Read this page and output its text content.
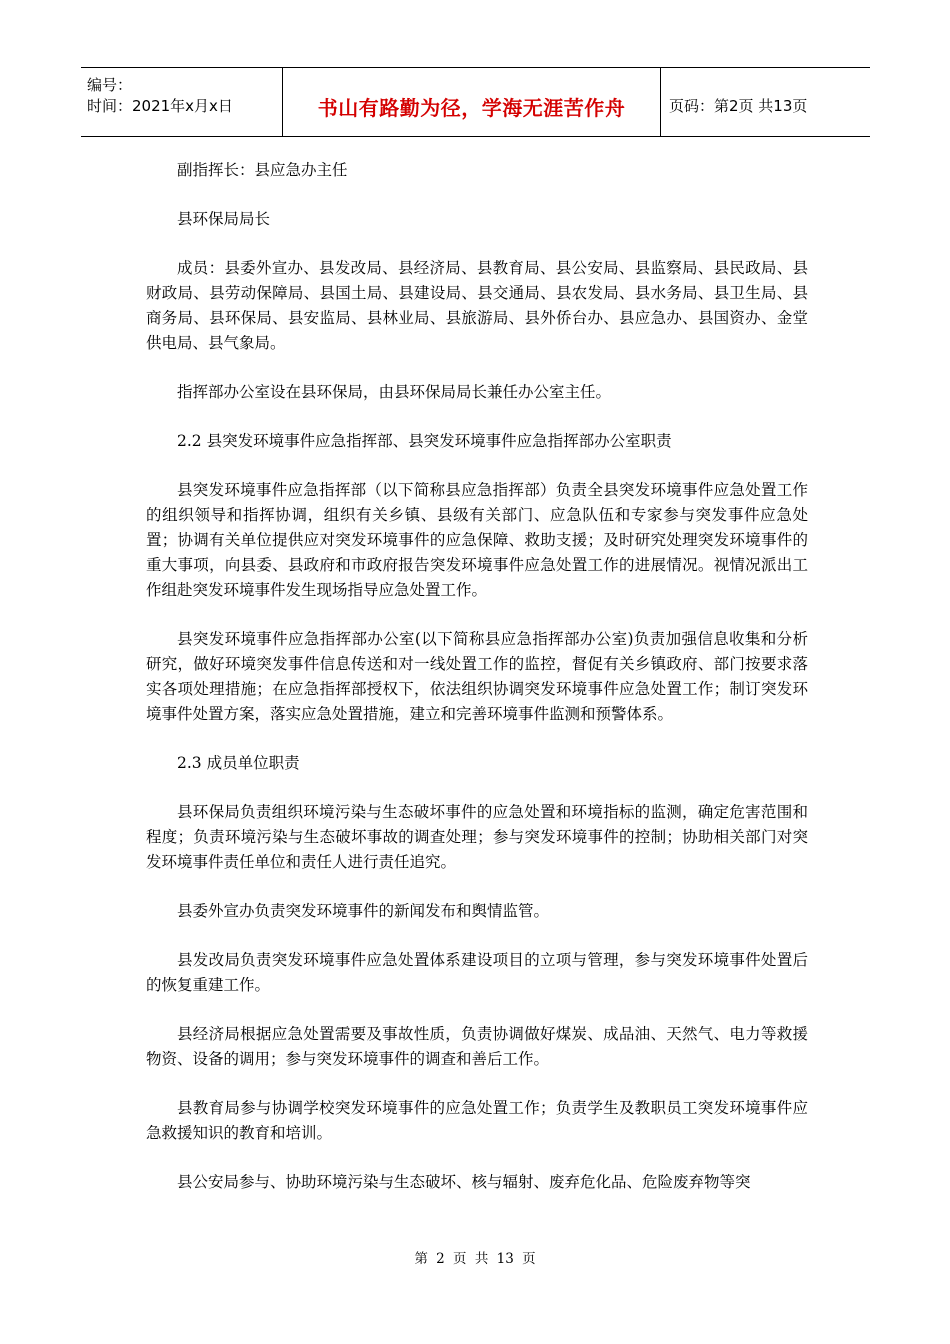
编号：
时间：2021年x月x日	书山有路勤为径，学海无涯苦作舟	页码：第2页 共13页

副指挥长：县应急办主任

县环保局局长

成员：县委外宣办、县发改局、县经济局、县教育局、县公安局、县监察局、县民政局、县财政局、县劳动保障局、县国土局、县建设局、县交通局、县农发局、县水务局、县卫生局、县商务局、县环保局、县安监局、县林业局、县旅游局、县外侨台办、县应急办、县国资办、金堂供电局、县气象局。

指挥部办公室设在县环保局，由县环保局局长兼任办公室主任。

2.2 县突发环境事件应急指挥部、县突发环境事件应急指挥部办公室职责

县突发环境事件应急指挥部（以下简称县应急指挥部）负责全县突发环境事件应急处置工作的组织领导和指挥协调，组织有关乡镇、县级有关部门、应急队伍和专家参与突发事件应急处置；协调有关单位提供应对突发环境事件的应急保障、救助支援；及时研究处理突发环境事件的重大事项，向县委、县政府和市政府报告突发环境事件应急处置工作的进展情况。视情况派出工作组赴突发环境事件发生现场指导应急处置工作。

县突发环境事件应急指挥部办公室(以下简称县应急指挥部办公室)负责加强信息收集和分析研究，做好环境突发事件信息传送和对一线处置工作的监控，督促有关乡镇政府、部门按要求落实各项处理措施；在应急指挥部授权下，依法组织协调突发环境事件应急处置工作；制订突发环境事件处置方案，落实应急处置措施，建立和完善环境事件监测和预警体系。

2.3 成员单位职责

县环保局负责组织环境污染与生态破坏事件的应急处置和环境指标的监测，确定危害范围和程度；负责环境污染与生态破坏事故的调查处理；参与突发环境事件的控制；协助相关部门对突发环境事件责任单位和责任人进行责任追究。

县委外宣办负责突发环境事件的新闻发布和舆情监管。

县发改局负责突发环境事件应急处置体系建设项目的立项与管理，参与突发环境事件处置后的恢复重建工作。

县经济局根据应急处置需要及事故性质，负责协调做好煤炭、成品油、天然气、电力等救援物资、设备的调用；参与突发环境事件的调查和善后工作。

县教育局参与协调学校突发环境事件的应急处置工作；负责学生及教职员工突发环境事件应急救援知识的教育和培训。

县公安局参与、协助环境污染与生态破坏、核与辐射、废弃危化品、危险废弃物等突

第 2 页 共 13 页
